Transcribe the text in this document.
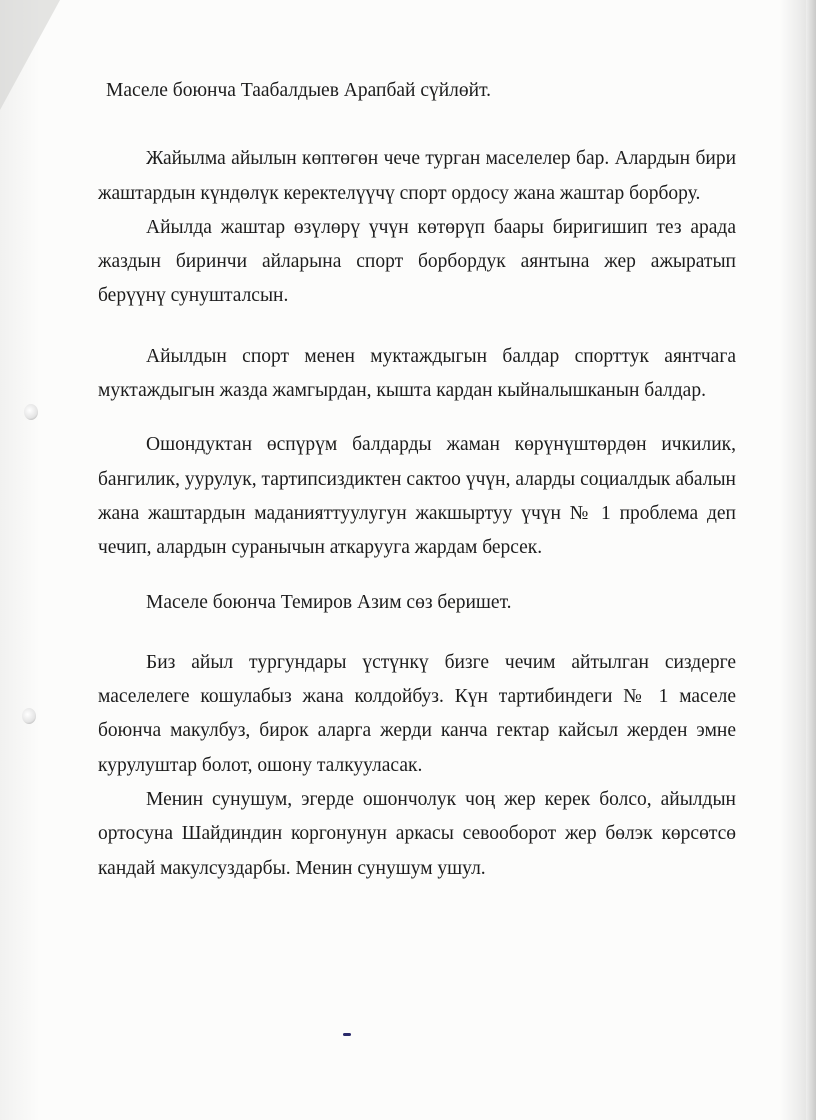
Маселе боюнча Таабалдыев Арапбай сүйлөйт.

Жайылма айылын көптөгөн чече турган маселелер бар. Алардын бири жаштардын күндөлүк керектелүүчү спорт ордосу жана жаштар борбору.

Айылда жаштар өзүлөрү үчүн көтөрүп баары биригишип тез арада жаздын биринчи айларына спорт борбордук аянтына жер ажыратып берүүнү сунушталсын.

Айылдын спорт менен муктаждыгын балдар спорттук аянтчага муктаждыгын жазда жамгырдан, кышта кардан кыйналышканын балдар.

Ошондуктан өспүрүм балдарды жаман көрүнүштөрдөн ичкилик, бангилик, уурулук, тартипсиздиктен сактоо үчүн, аларды социалдык абалын жана жаштардын маданияттуулугун жакшыртуу үчүн № 1 проблема деп чечип, алардын суранычын аткарууга жардам берсек.

Маселе боюнча Темиров Азим сөз беришет.

Биз айыл тургундары үстүнкү бизге чечим айтылган сиздерге маселелеге кошулабыз жана колдойбуз. Күн тартибиндеги № 1 маселе боюнча макулбуз, бирок аларга жерди канча гектар кайсыл жерден эмне курулуштар болот, ошону талкууласак.

Менин сунушум, эгерде ошончолук чоң жер керек болсо, айылдын ортосуна Шайдиндин коргонунун аркасы севооборот жер бөлэк көрсөтсө кандай макулсуздарбы. Менин сунушум ушул.
